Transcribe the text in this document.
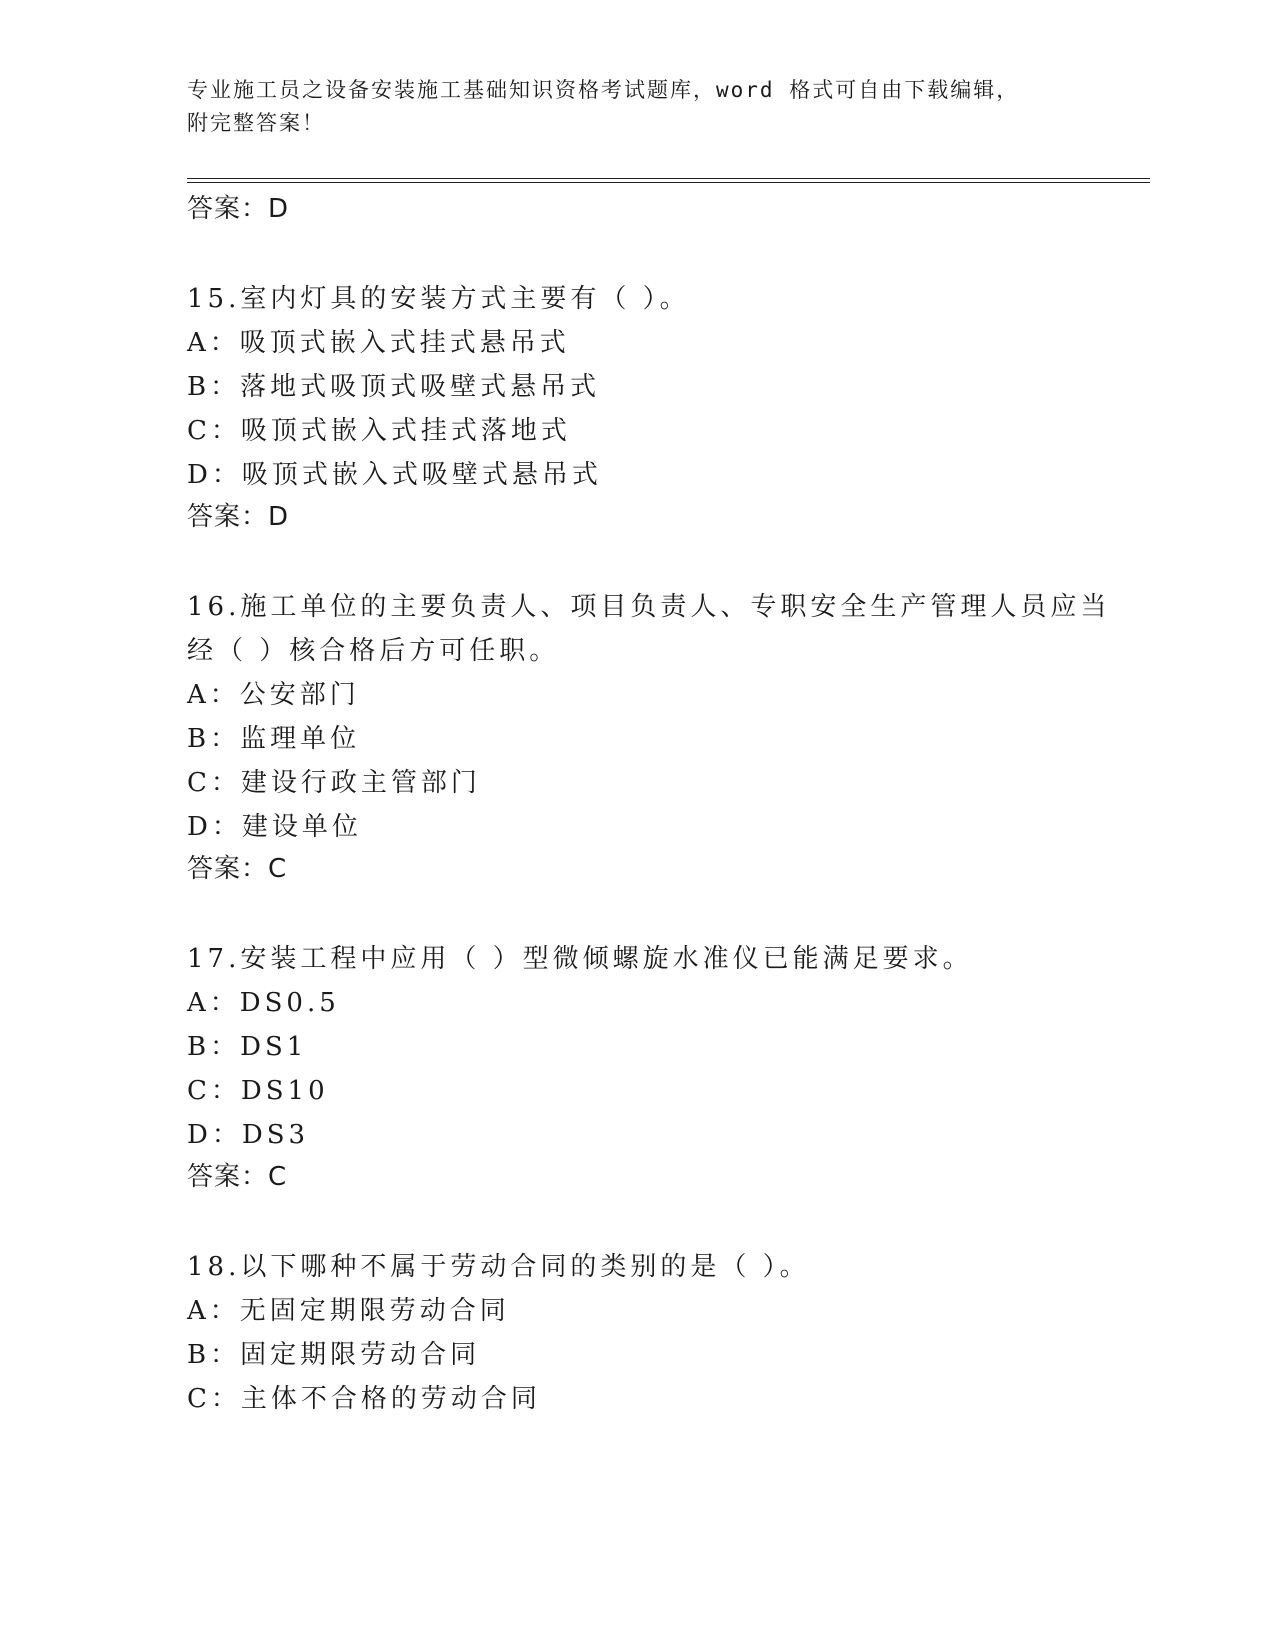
专业施工员之设备安装施工基础知识资格考试题库，word 格式可自由下载编辑，
附完整答案！
答案：D
15.室内灯具的安装方式主要有（ ）。
A：吸顶式嵌入式挂式悬吊式
B：落地式吸顶式吸壁式悬吊式
C：吸顶式嵌入式挂式落地式
D：吸顶式嵌入式吸壁式悬吊式
答案：D
16.施工单位的主要负责人、项目负责人、专职安全生产管理人员应当
经（ ）核合格后方可任职。
A：公安部门
B：监理单位
C：建设行政主管部门
D：建设单位
答案：C
17.安装工程中应用（ ）型微倾螺旋水准仪已能满足要求。
A：DS0.5
B：DS1
C：DS10
D：DS3
答案：C
18.以下哪种不属于劳动合同的类别的是（ ）。
A：无固定期限劳动合同
B：固定期限劳动合同
C：主体不合格的劳动合同
